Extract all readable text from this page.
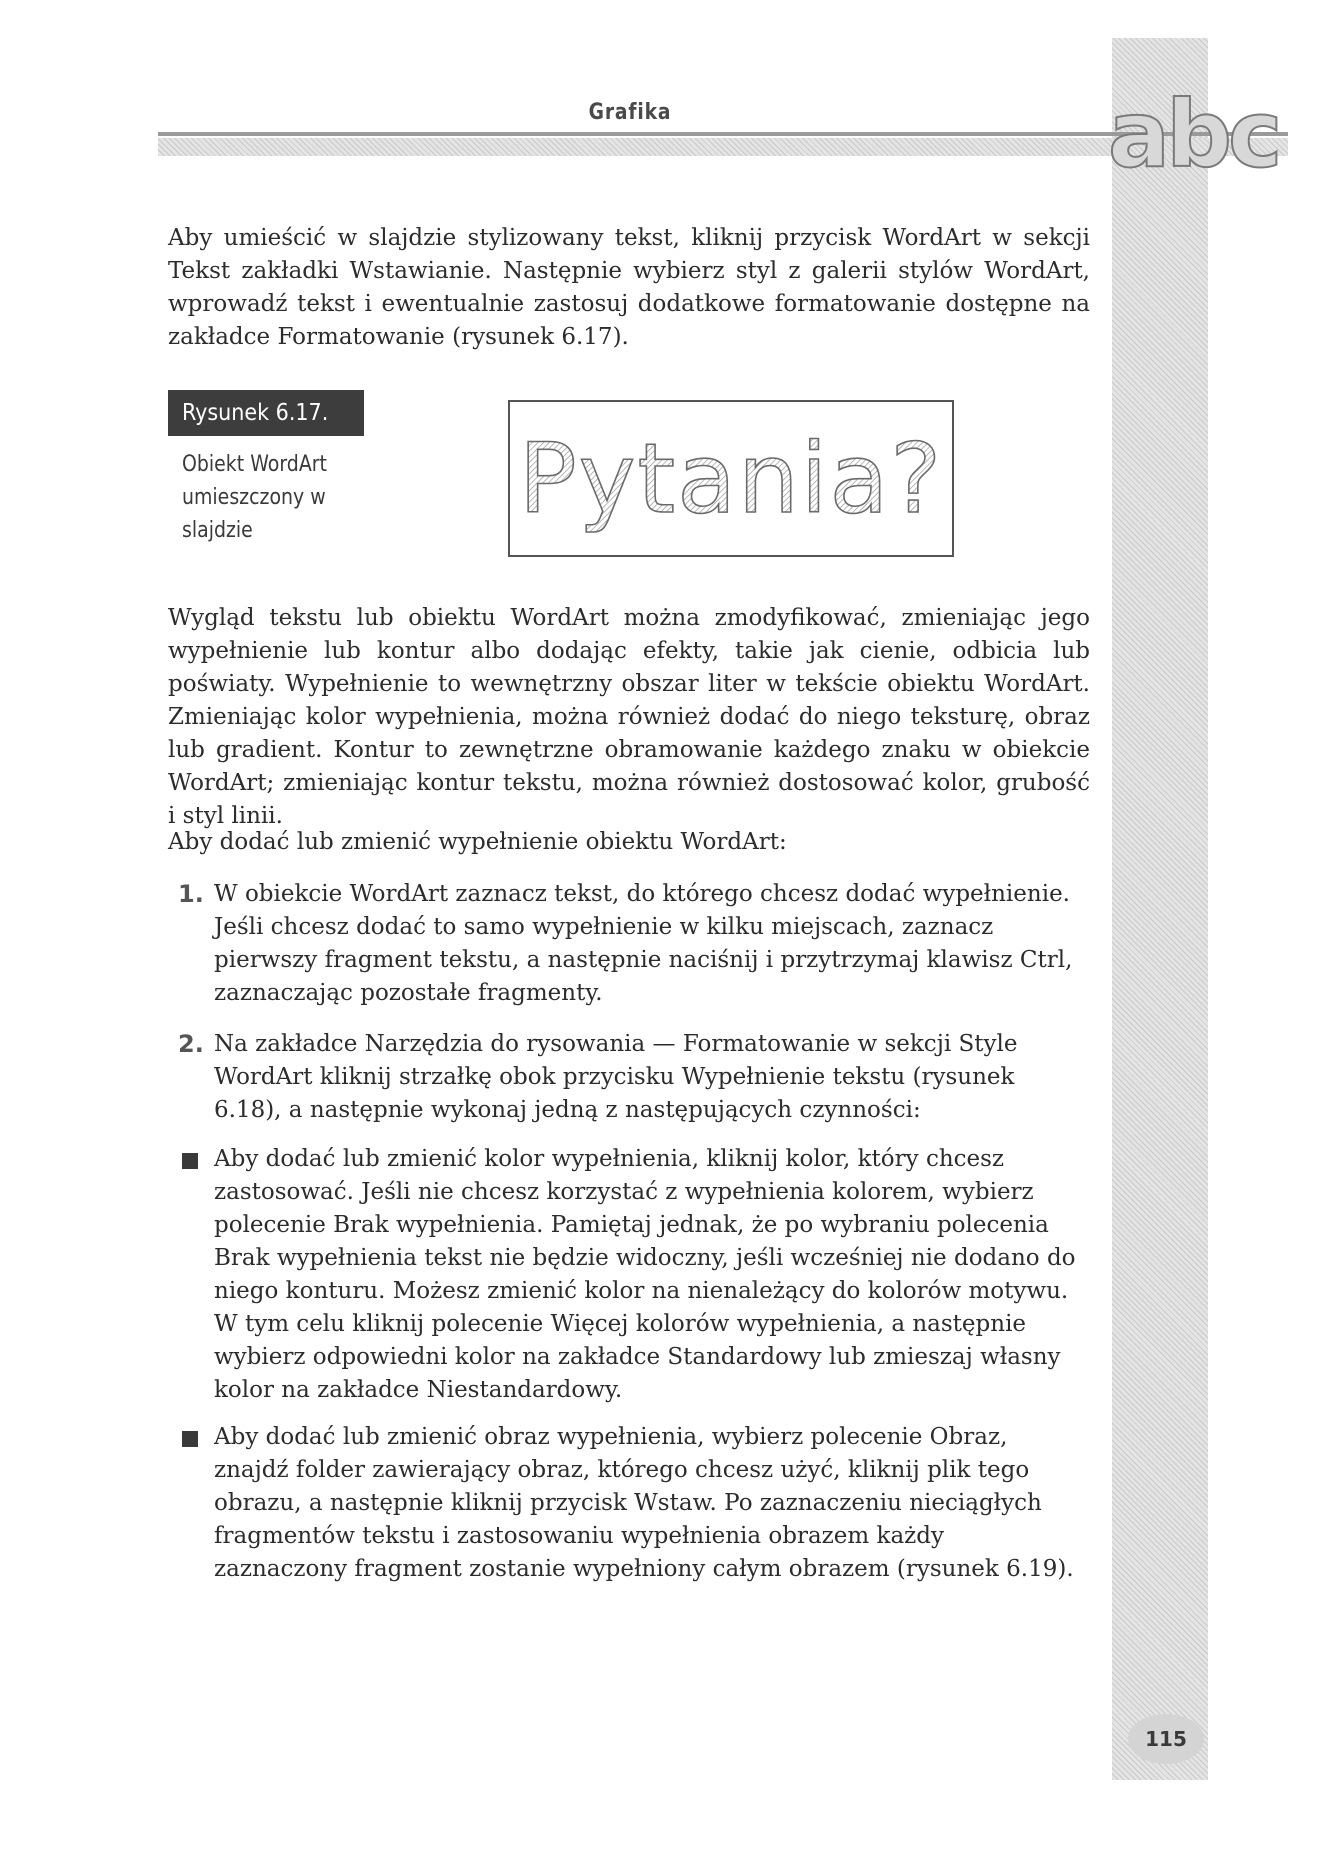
Grafika	abc

Aby umieścić w slajdzie stylizowany tekst, kliknij przycisk WordArt w sekcji Tekst zakładki Wstawianie. Następnie wybierz styl z galerii stylów WordArt, wprowadź tekst i ewentualnie zastosuj dodatkowe formatowanie dostępne na zakładce Formatowanie (rysunek 6.17).

Rysunek 6.17.
Obiekt WordArt umieszczony w slajdzie	Pytania?

Wygląd tekstu lub obiektu WordArt można zmodyfikować, zmieniając jego wypełnienie lub kontur albo dodając efekty, takie jak cienie, odbicia lub poświaty. Wypełnienie to wewnętrzny obszar liter w tekście obiektu WordArt. Zmieniając kolor wypełnienia, można również dodać do niego teksturę, obraz lub gradient. Kontur to zewnętrzne obramowanie każdego znaku w obiekcie WordArt; zmieniając kontur tekstu, można również dostosować kolor, grubość i styl linii.

Aby dodać lub zmienić wypełnienie obiektu WordArt:

1. W obiekcie WordArt zaznacz tekst, do którego chcesz dodać wypełnienie. Jeśli chcesz dodać to samo wypełnienie w kilku miejscach, zaznacz pierwszy fragment tekstu, a następnie naciśnij i przytrzymaj klawisz Ctrl, zaznaczając pozostałe fragmenty.
2. Na zakładce Narzędzia do rysowania — Formatowanie w sekcji Style WordArt kliknij strzałkę obok przycisku Wypełnienie tekstu (rysunek 6.18), a następnie wykonaj jedną z następujących czynności:
Aby dodać lub zmienić kolor wypełnienia, kliknij kolor, który chcesz zastosować. Jeśli nie chcesz korzystać z wypełnienia kolorem, wybierz polecenie Brak wypełnienia. Pamiętaj jednak, że po wybraniu polecenia Brak wypełnienia tekst nie będzie widoczny, jeśli wcześniej nie dodano do niego konturu. Możesz zmienić kolor na nienależący do kolorów motywu. W tym celu kliknij polecenie Więcej kolorów wypełnienia, a następnie wybierz odpowiedni kolor na zakładce Standardowy lub zmieszaj własny kolor na zakładce Niestandardowy.
Aby dodać lub zmienić obraz wypełnienia, wybierz polecenie Obraz, znajdź folder zawierający obraz, którego chcesz użyć, kliknij plik tego obrazu, a następnie kliknij przycisk Wstaw. Po zaznaczeniu nieciągłych fragmentów tekstu i zastosowaniu wypełnienia obrazem każdy zaznaczony fragment zostanie wypełniony całym obrazem (rysunek 6.19).
115
